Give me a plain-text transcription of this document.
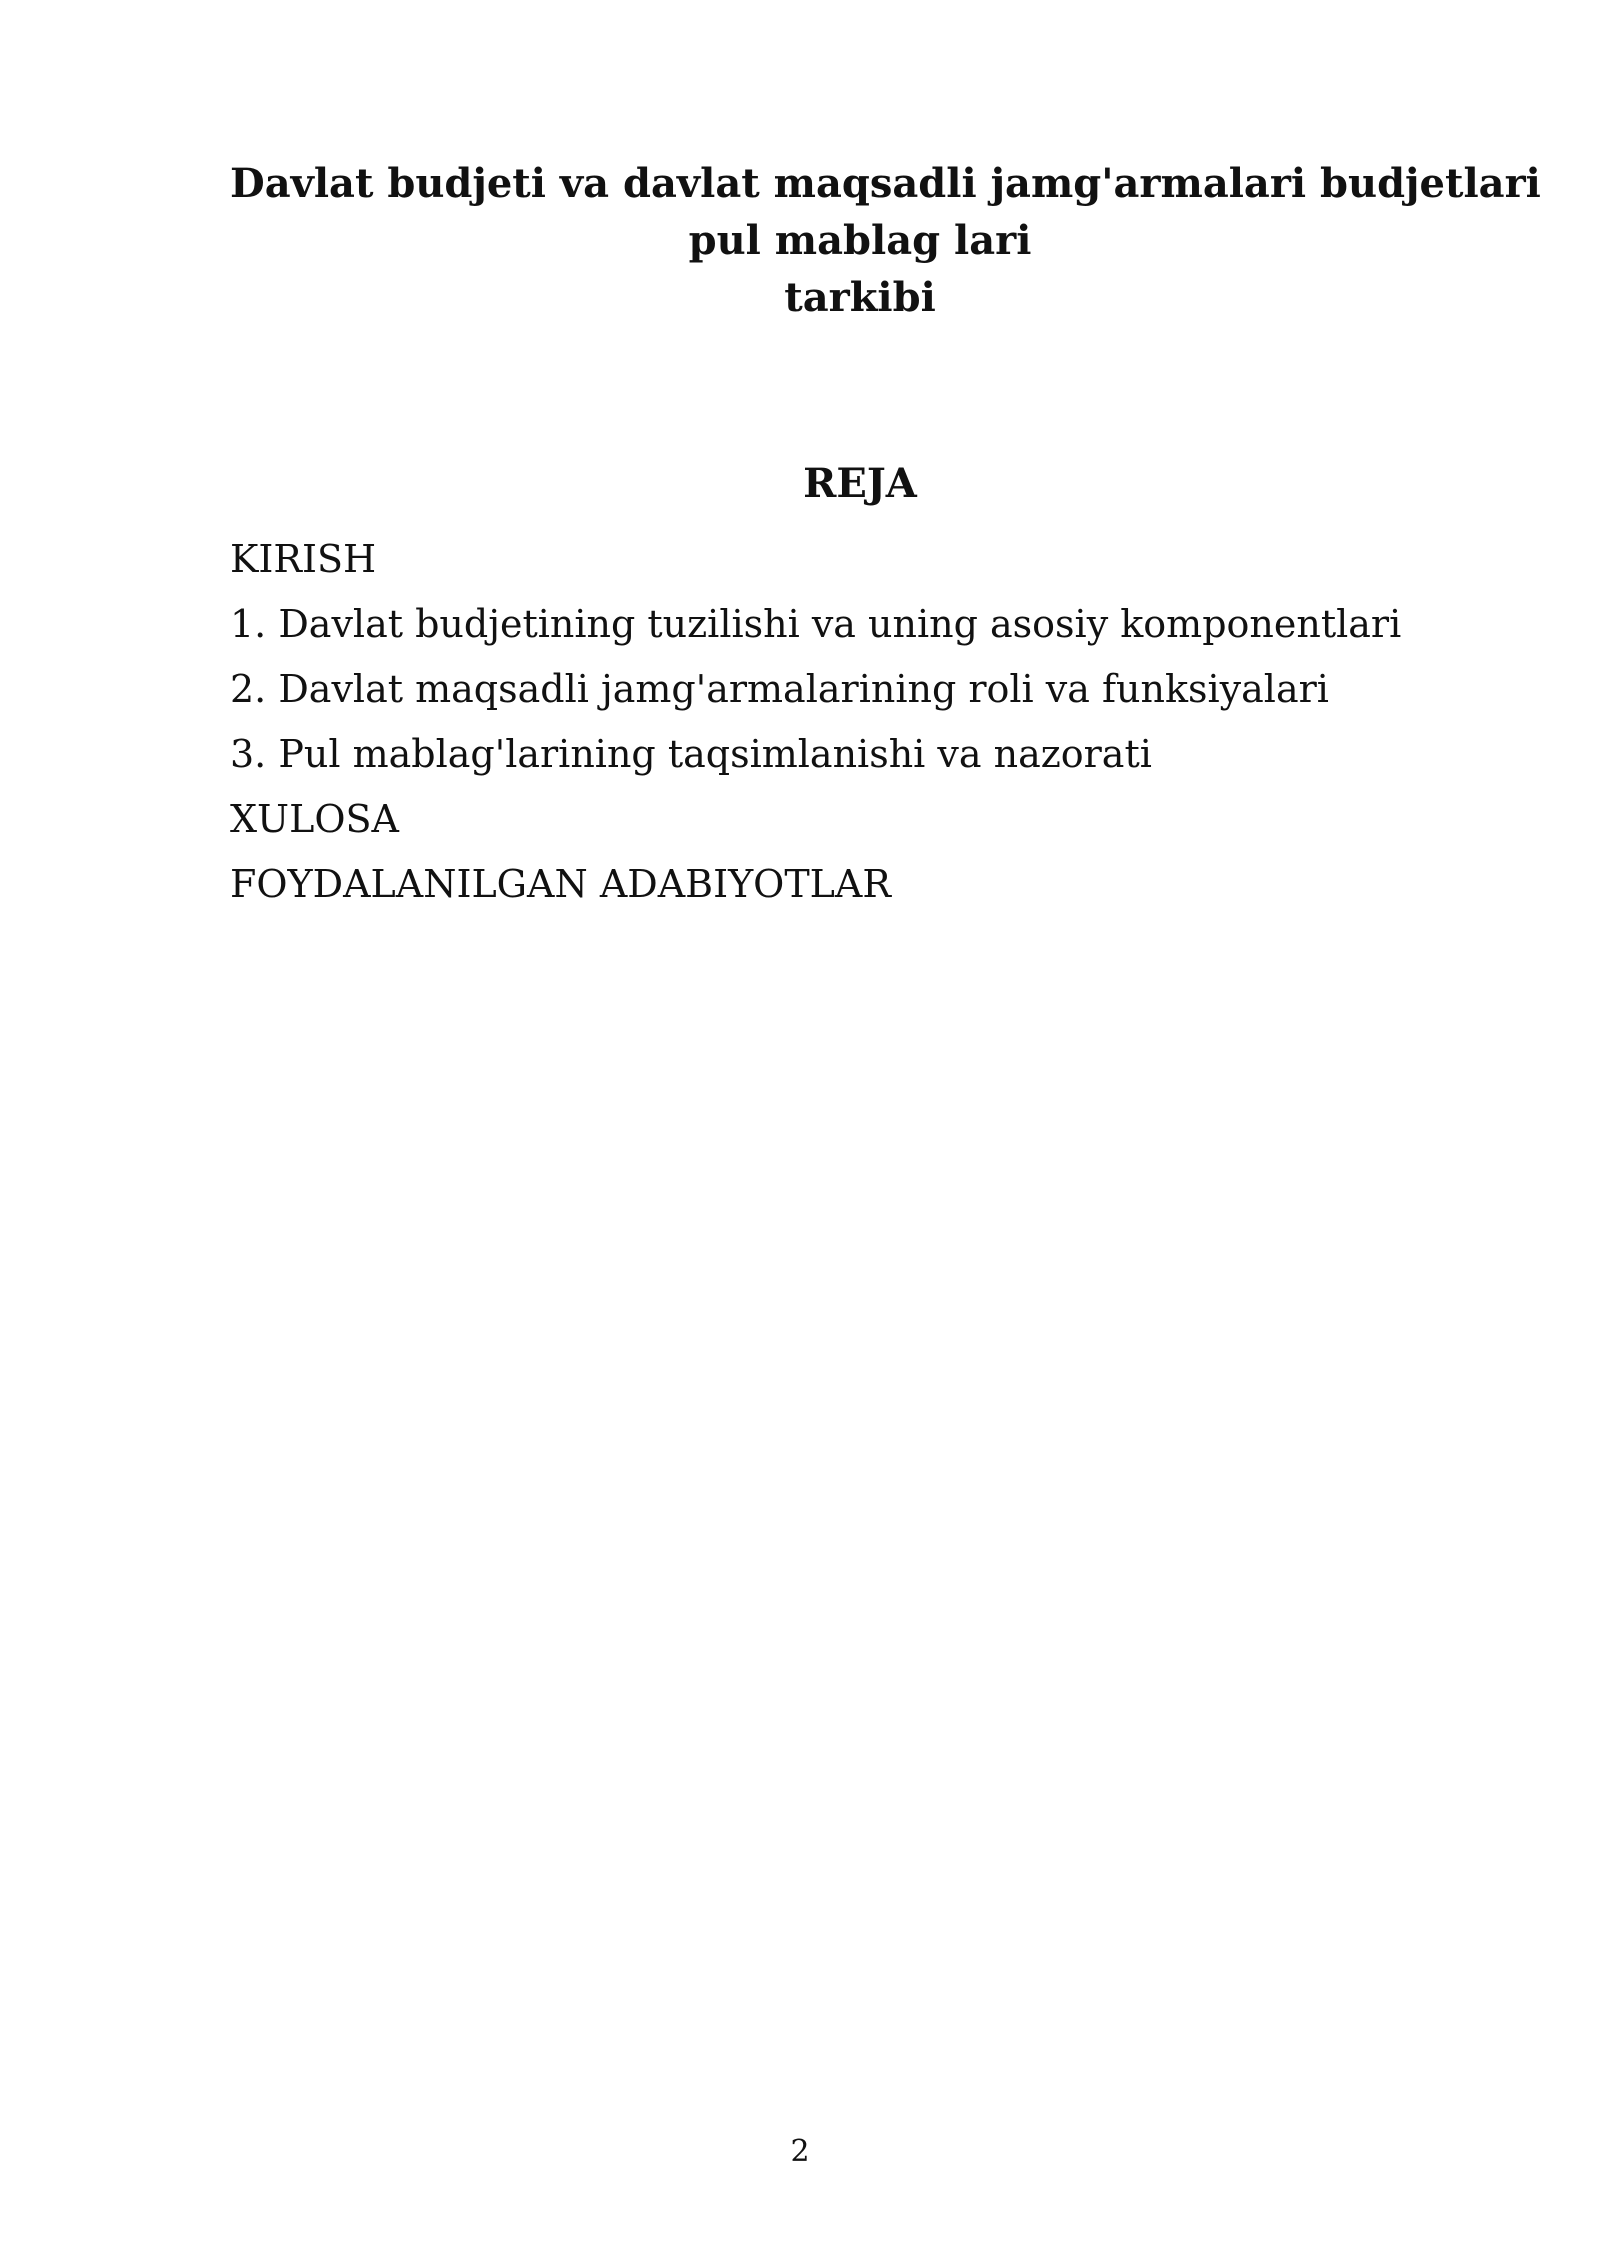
Davlat budjeti va davlat maqsadli jamg'armalari budjetlari
pul mablag lari
tarkibi
REJA
KIRISH
1. Davlat budjetining tuzilishi va uning asosiy komponentlari
2. Davlat maqsadli jamg'armalarining roli va funksiyalari
3. Pul mablag'larining taqsimlanishi va nazorati
XULOSA
FOYDALANILGAN ADABIYOTLAR
2
